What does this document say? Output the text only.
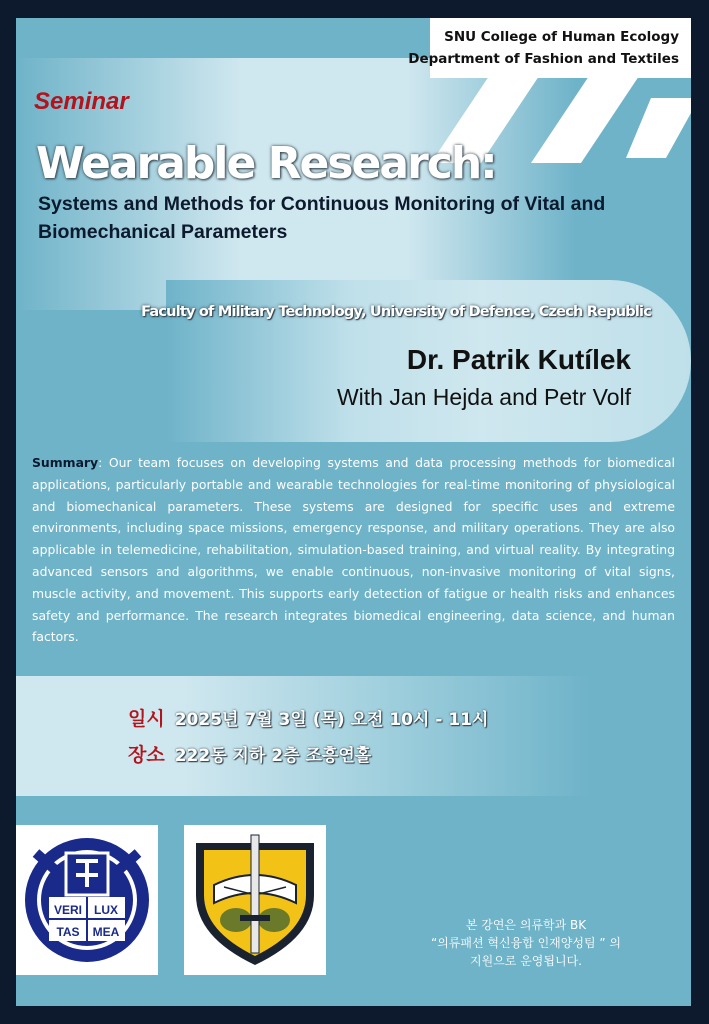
SNU College of Human Ecology
Department of Fashion and Textiles
Seminar
Wearable Research:
Systems and Methods for Continuous Monitoring of Vital and Biomechanical Parameters
Faculty of Military Technology, University of Defence, Czech Republic
Dr. Patrik Kutílek
With Jan Hejda and Petr Volf
Summary: Our team focuses on developing systems and data processing methods for biomedical applications, particularly portable and wearable technologies for real-time monitoring of physiological and biomechanical parameters. These systems are designed for specific uses and extreme environments, including space missions, emergency response, and military operations. They are also applicable in telemedicine, rehabilitation, simulation-based training, and virtual reality. By integrating advanced sensors and algorithms, we enable continuous, non-invasive monitoring of vital signs, muscle activity, and movement. This supports early detection of fatigue or health risks and enhances safety and performance. The research integrates biomedical engineering, data science, and human factors.
일시 2025년 7월 3일 (목) 오전 10시 - 11시
장소 222동 지하 2층 조흥연홀
VERI LUX
TAS MEA	본 강연은 의류학과 BK
“의류패션 혁신융합 인재양성팀 ” 의
지원으로 운영됩니다.
